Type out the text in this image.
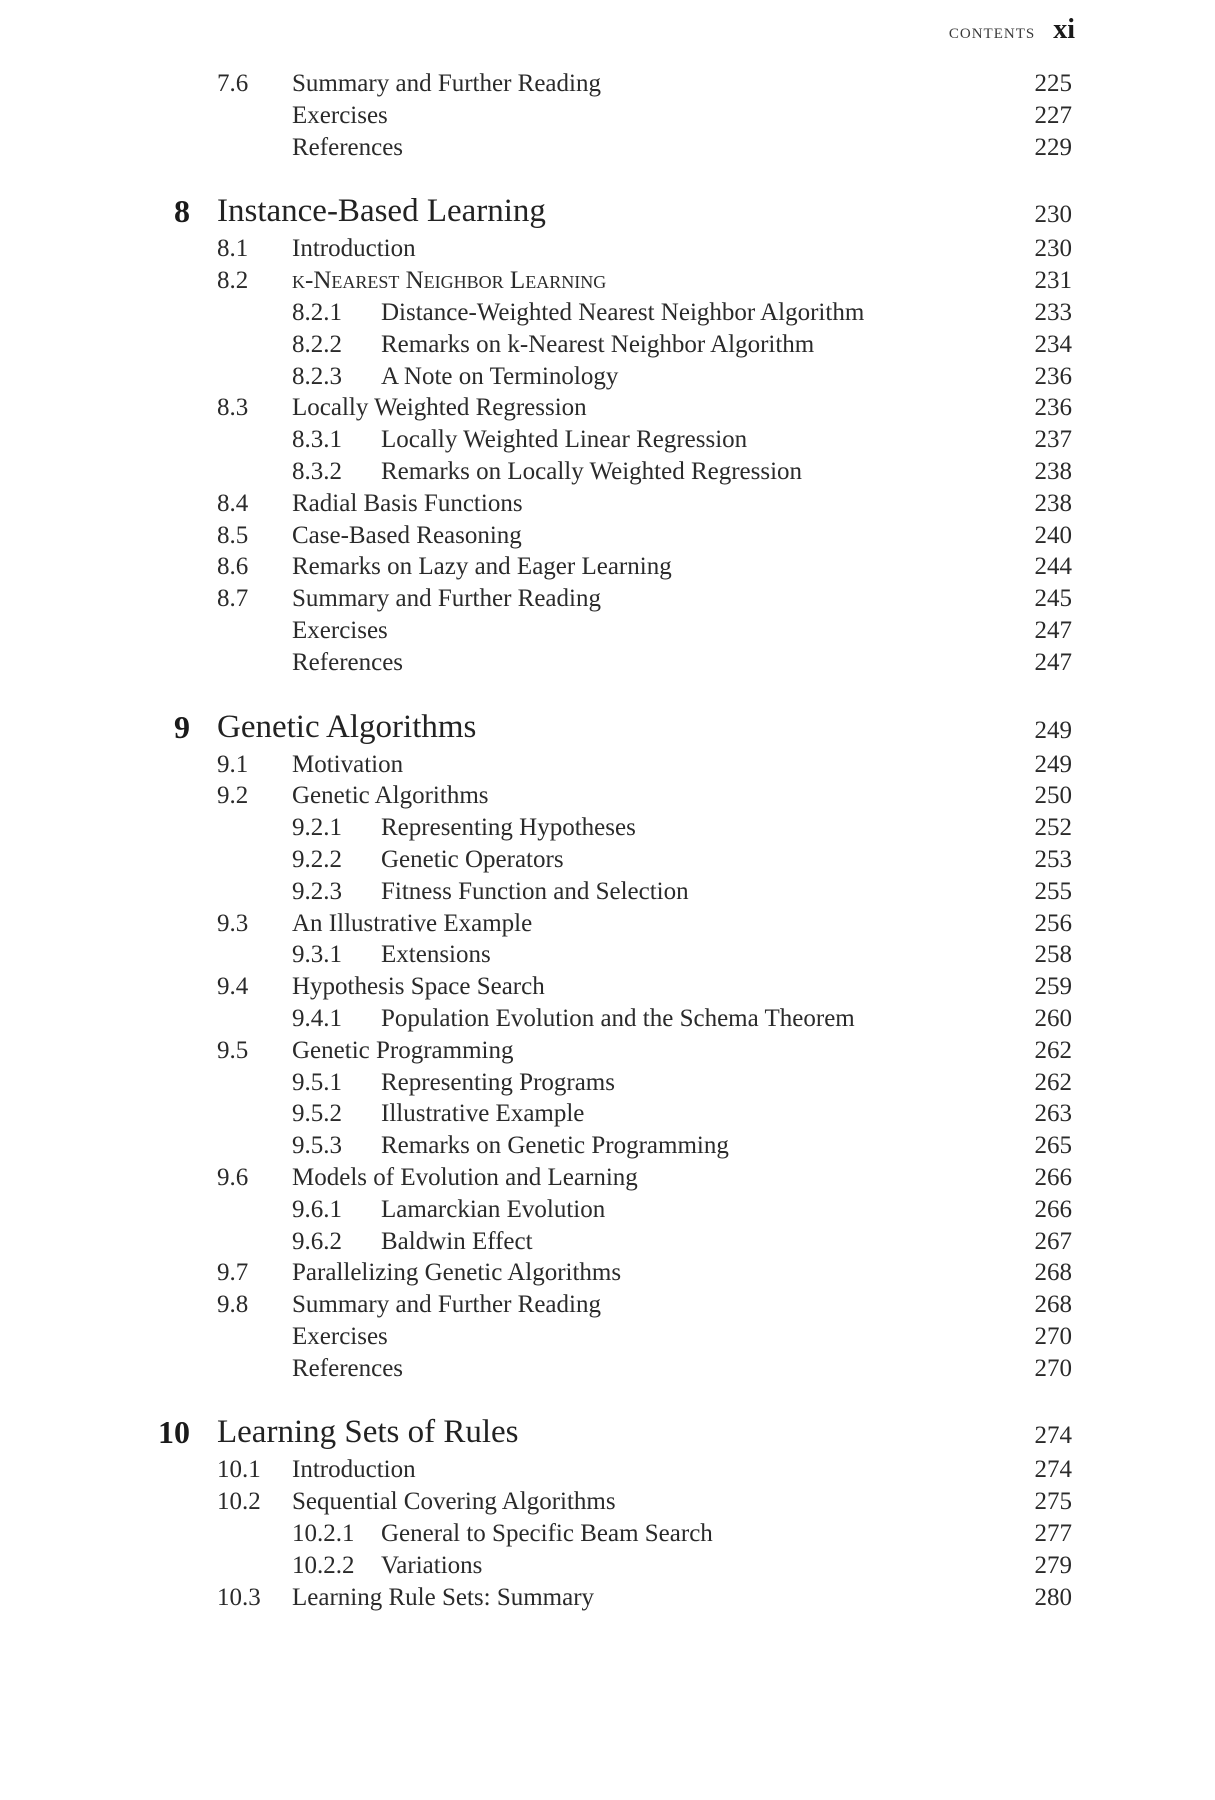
CONTENTS xi
7.6 Summary and Further Reading	225
Exercises	227
References	229
8 Instance-Based Learning	230
8.1 Introduction	230
8.2 k-Nearest Neighbor Learning	231
8.2.1 Distance-Weighted Nearest Neighbor Algorithm	233
8.2.2 Remarks on k-Nearest Neighbor Algorithm	234
8.2.3 A Note on Terminology	236
8.3 Locally Weighted Regression	236
8.3.1 Locally Weighted Linear Regression	237
8.3.2 Remarks on Locally Weighted Regression	238
8.4 Radial Basis Functions	238
8.5 Case-Based Reasoning	240
8.6 Remarks on Lazy and Eager Learning	244
8.7 Summary and Further Reading	245
Exercises	247
References	247
9 Genetic Algorithms	249
9.1 Motivation	249
9.2 Genetic Algorithms	250
9.2.1 Representing Hypotheses	252
9.2.2 Genetic Operators	253
9.2.3 Fitness Function and Selection	255
9.3 An Illustrative Example	256
9.3.1 Extensions	258
9.4 Hypothesis Space Search	259
9.4.1 Population Evolution and the Schema Theorem	260
9.5 Genetic Programming	262
9.5.1 Representing Programs	262
9.5.2 Illustrative Example	263
9.5.3 Remarks on Genetic Programming	265
9.6 Models of Evolution and Learning	266
9.6.1 Lamarckian Evolution	266
9.6.2 Baldwin Effect	267
9.7 Parallelizing Genetic Algorithms	268
9.8 Summary and Further Reading	268
Exercises	270
References	270
10 Learning Sets of Rules	274
10.1 Introduction	274
10.2 Sequential Covering Algorithms	275
10.2.1 General to Specific Beam Search	277
10.2.2 Variations	279
10.3 Learning Rule Sets: Summary	280
